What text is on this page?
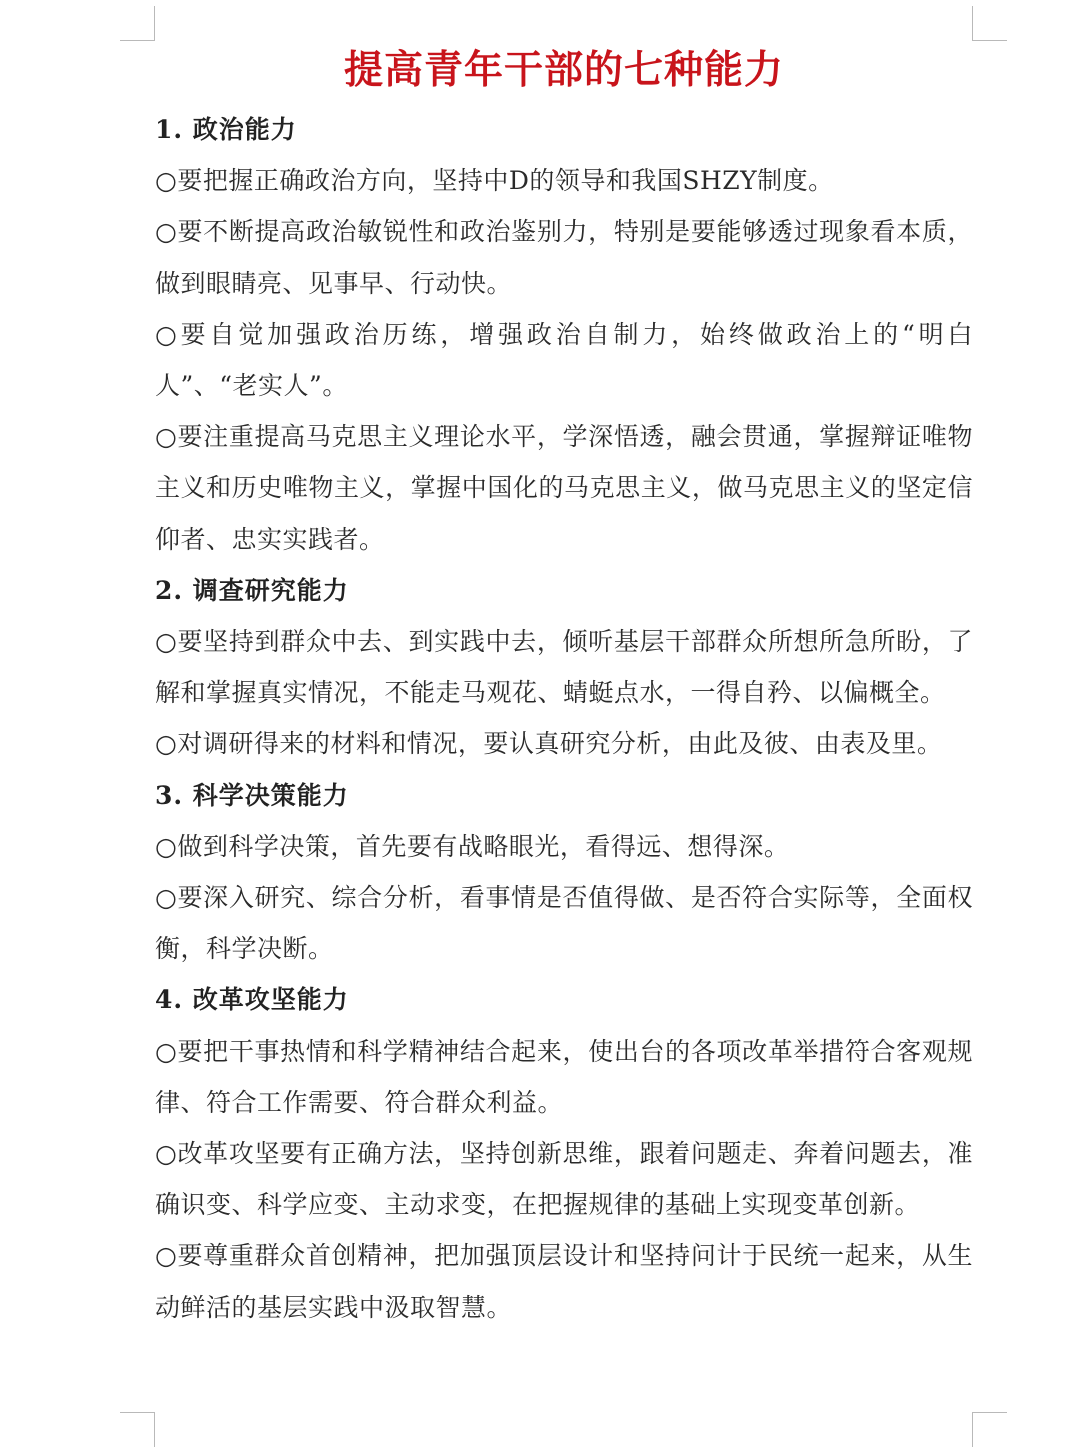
提高青年干部的七种能力
1. 政治能力

○要把握正确政治方向，坚持中D的领导和我国SHZY制度。

○要不断提高政治敏锐性和政治鉴别力，特别是要能够透过现象看本质，做到眼睛亮、见事早、行动快。

○要自觉加强政治历练，增强政治自制力，始终做政治上的“明白人”、“老实人”。

○要注重提高马克思主义理论水平，学深悟透，融会贯通，掌握辩证唯物主义和历史唯物主义，掌握中国化的马克思主义，做马克思主义的坚定信仰者、忠实实践者。

2. 调查研究能力

○要坚持到群众中去、到实践中去，倾听基层干部群众所想所急所盼，了解和掌握真实情况，不能走马观花、蜻蜓点水，一得自矜、以偏概全。

○对调研得来的材料和情况，要认真研究分析，由此及彼、由表及里。

3. 科学决策能力

○做到科学决策，首先要有战略眼光，看得远、想得深。

○要深入研究、综合分析，看事情是否值得做、是否符合实际等，全面权衡，科学决断。

4. 改革攻坚能力

○要把干事热情和科学精神结合起来，使出台的各项改革举措符合客观规律、符合工作需要、符合群众利益。

○改革攻坚要有正确方法，坚持创新思维，跟着问题走、奔着问题去，准确识变、科学应变、主动求变，在把握规律的基础上实现变革创新。

○要尊重群众首创精神，把加强顶层设计和坚持问计于民统一起来，从生动鲜活的基层实践中汲取智慧。
